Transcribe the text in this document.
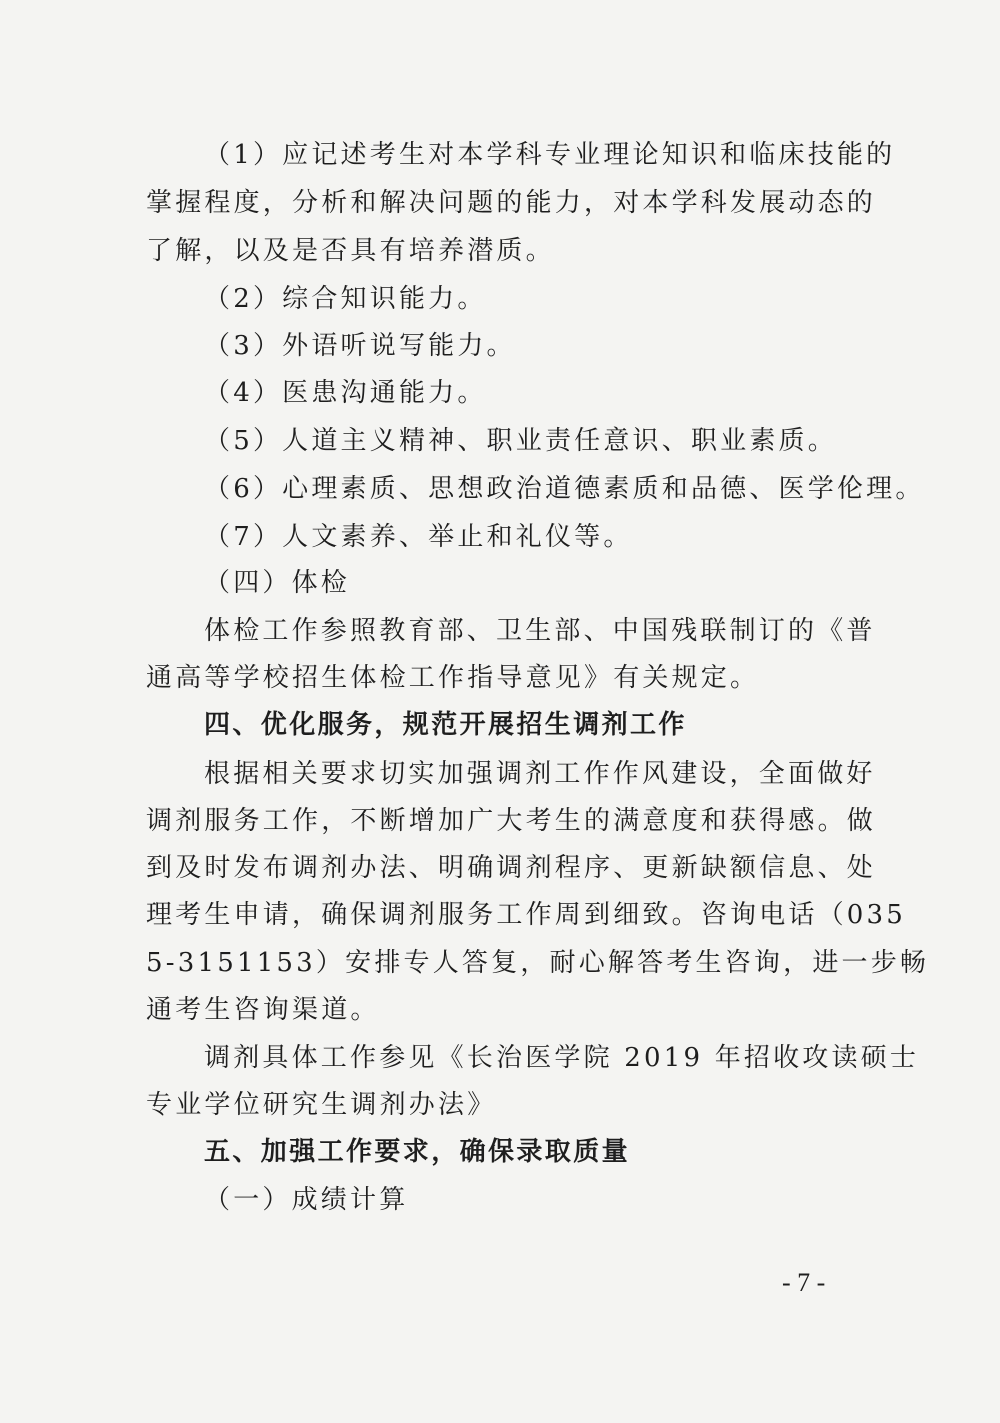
（1）应记述考生对本学科专业理论知识和临床技能的
掌握程度，分析和解决问题的能力，对本学科发展动态的
了解，以及是否具有培养潜质。
（2）综合知识能力。
（3）外语听说写能力。
（4）医患沟通能力。
（5）人道主义精神、职业责任意识、职业素质。
（6）心理素质、思想政治道德素质和品德、医学伦理。
（7）人文素养、举止和礼仪等。
（四）体检
体检工作参照教育部、卫生部、中国残联制订的《普
通高等学校招生体检工作指导意见》有关规定。
四、优化服务，规范开展招生调剂工作
根据相关要求切实加强调剂工作作风建设，全面做好
调剂服务工作，不断增加广大考生的满意度和获得感。做
到及时发布调剂办法、明确调剂程序、更新缺额信息、处
理考生申请，确保调剂服务工作周到细致。咨询电话（035
5-3151153）安排专人答复，耐心解答考生咨询，进一步畅
通考生咨询渠道。
调剂具体工作参见《长治医学院 2019 年招收攻读硕士
专业学位研究生调剂办法》
五、加强工作要求，确保录取质量
（一）成绩计算
- 7 -
